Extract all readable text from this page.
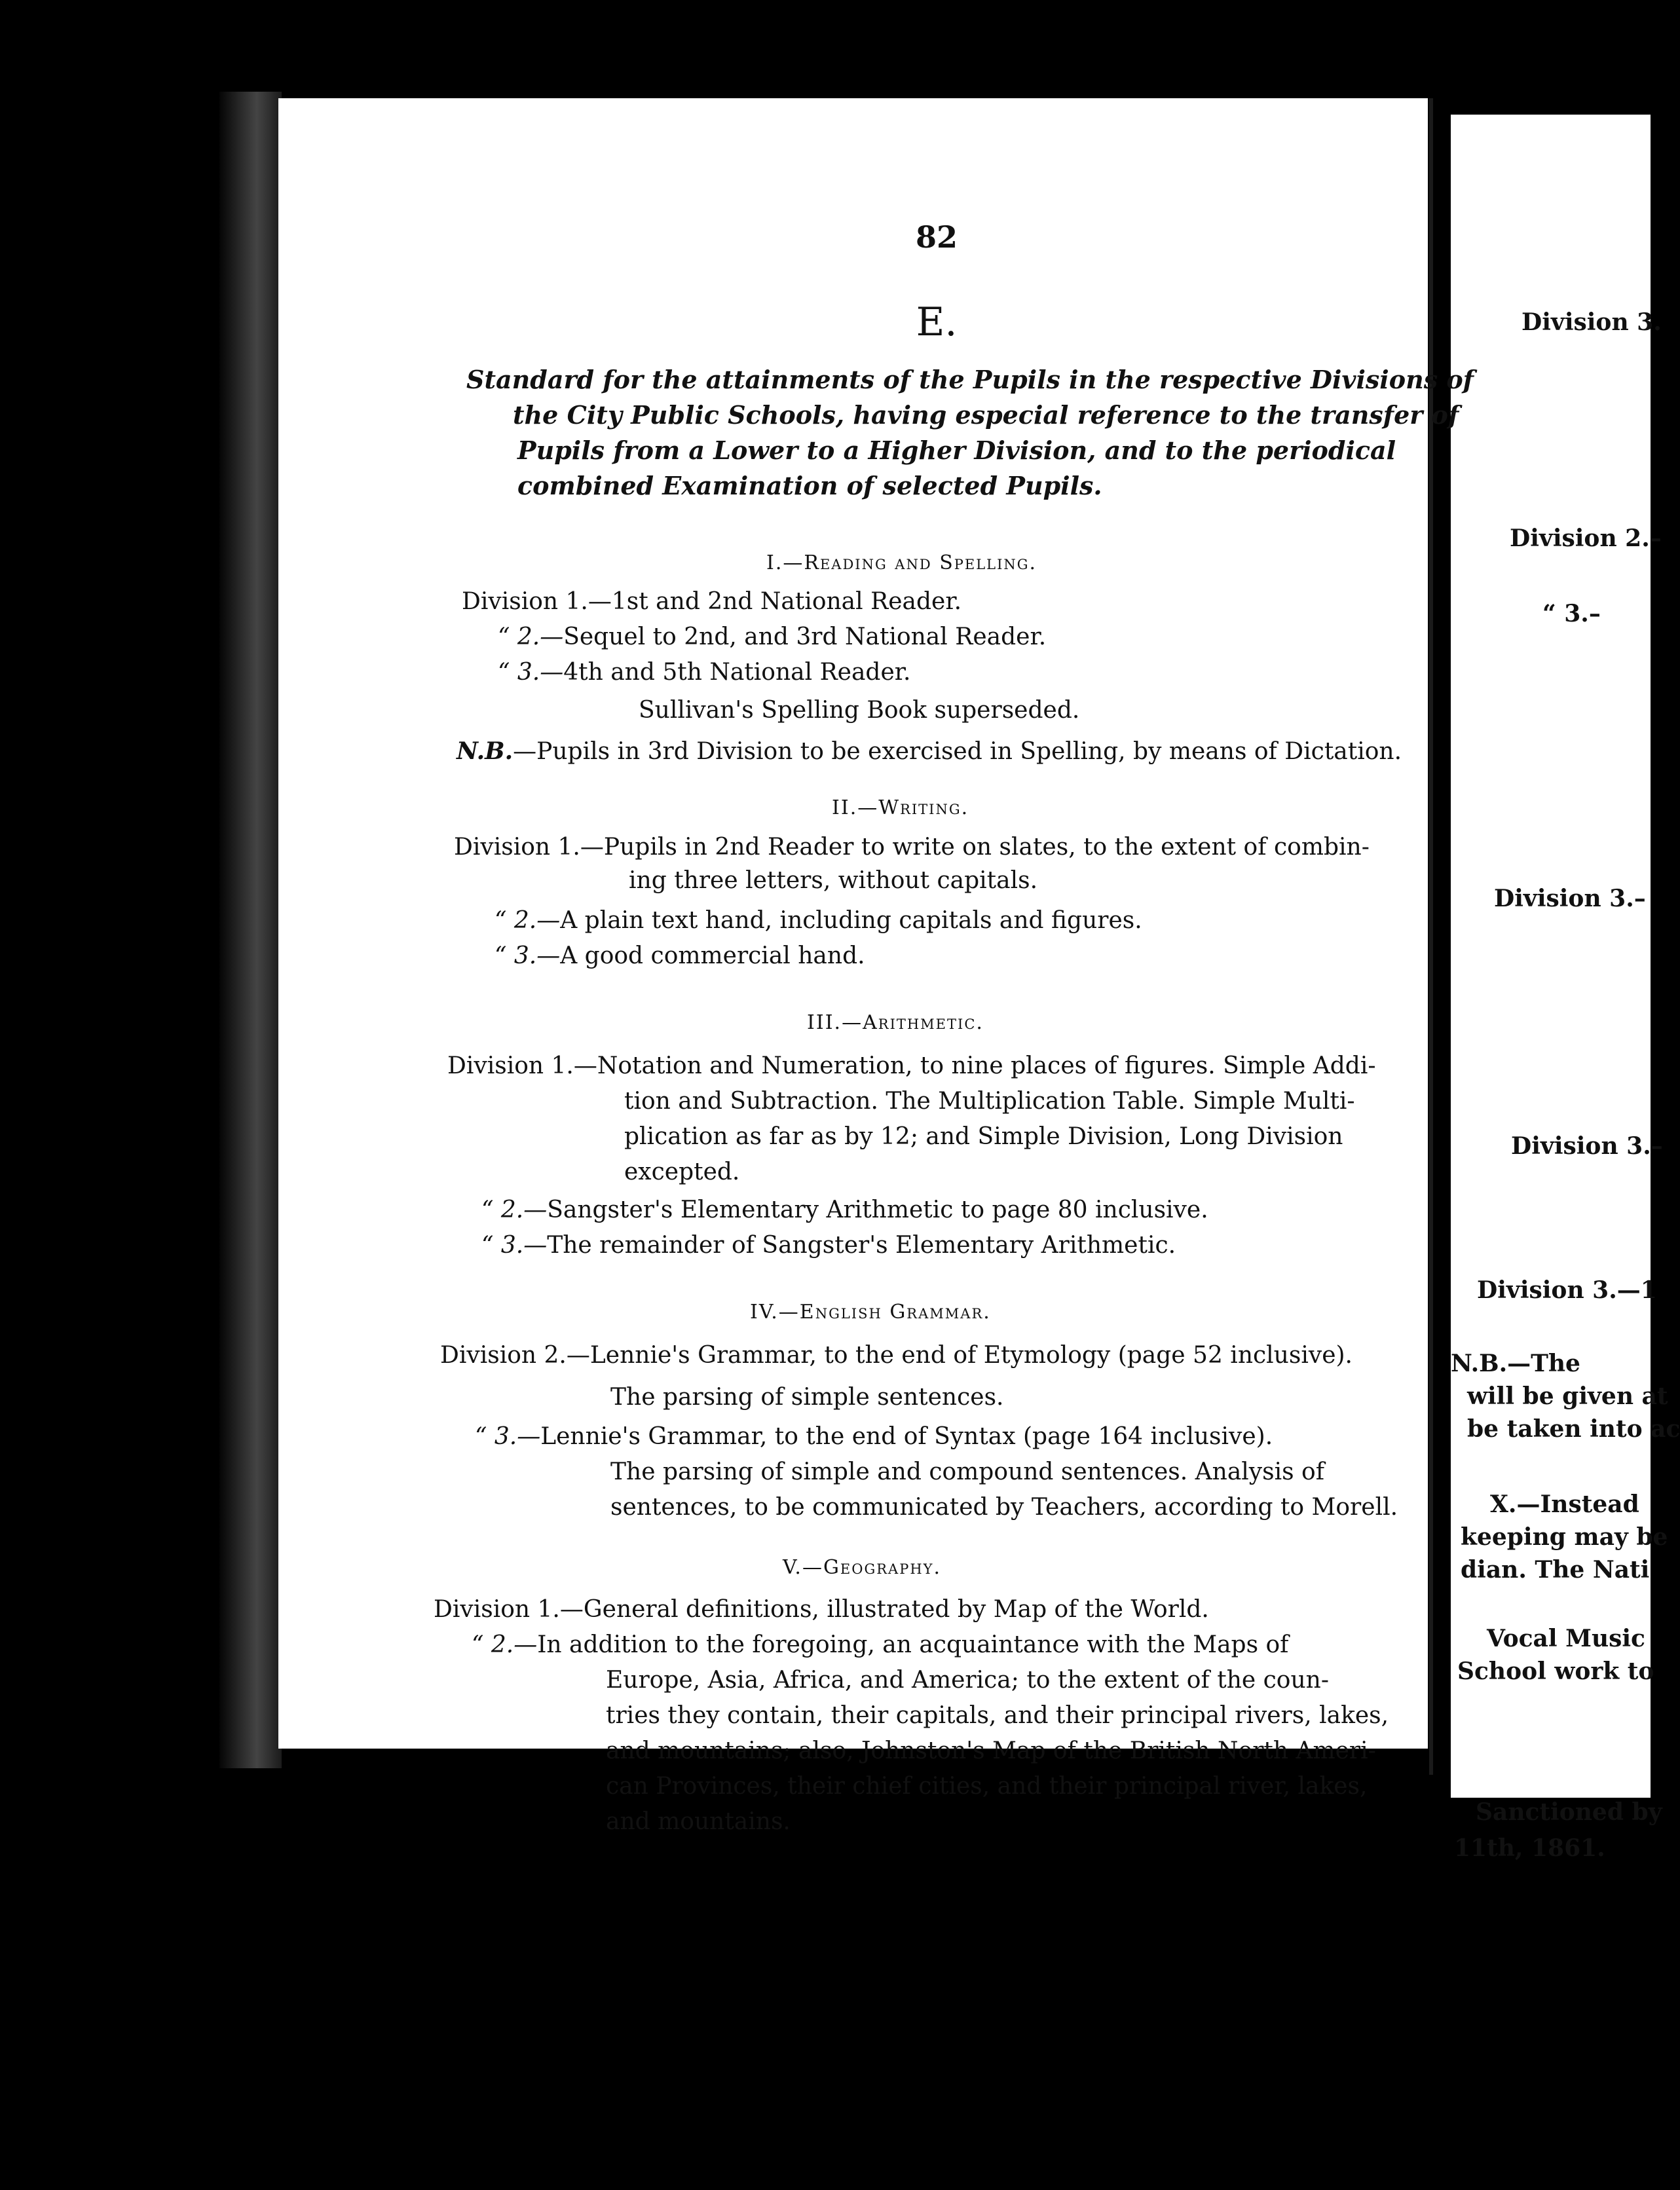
82
E.
Standard for the attainments of the Pupils in the respective Divisions of
the City Public Schools, having especial reference to the transfer of
Pupils from a Lower to a Higher Division, and to the periodical
combined Examination of selected Pupils.
I.—Reading and Spelling.
Division 1.—1st and 2nd National Reader.
“ 2.—Sequel to 2nd, and 3rd National Reader.
“ 3.—4th and 5th National Reader.
Sullivan's Spelling Book superseded.
N.B.—Pupils in 3rd Division to be exercised in Spelling, by means of Dictation.
II.—Writing.
Division 1.—Pupils in 2nd Reader to write on slates, to the extent of combin-
ing three letters, without capitals.
“ 2.—A plain text hand, including capitals and figures.
“ 3.—A good commercial hand.
III.—Arithmetic.
Division 1.—Notation and Numeration, to nine places of figures. Simple Addi-
tion and Subtraction. The Multiplication Table. Simple Multi-
plication as far as by 12; and Simple Division, Long Division
excepted.
“ 2.—Sangster's Elementary Arithmetic to page 80 inclusive.
“ 3.—The remainder of Sangster's Elementary Arithmetic.
IV.—English Grammar.
Division 2.—Lennie's Grammar, to the end of Etymology (page 52 inclusive).
The parsing of simple sentences.
“ 3.—Lennie's Grammar, to the end of Syntax (page 164 inclusive).
The parsing of simple and compound sentences. Analysis of
sentences, to be communicated by Teachers, according to Morell.
V.—Geography.
Division 1.—General definitions, illustrated by Map of the World.
“ 2.—In addition to the foregoing, an acquaintance with the Maps of
Europe, Asia, Africa, and America; to the extent of the coun-
tries they contain, their capitals, and their principal rivers, lakes,
and mountains; also, Johnston's Map of the British North Ameri-
can Provinces, their chief cities, and their principal river, lakes,
and mountains.
Division 3.
Division 2.–
“ 3.–
Division 3.–
Division 3.–
Division 3.—1
N.B.—The
will be given at
be taken into ac
X.—Instead
keeping may be
dian. The Nati
Vocal Music
School work to
Sanctioned by
11th, 1861.
